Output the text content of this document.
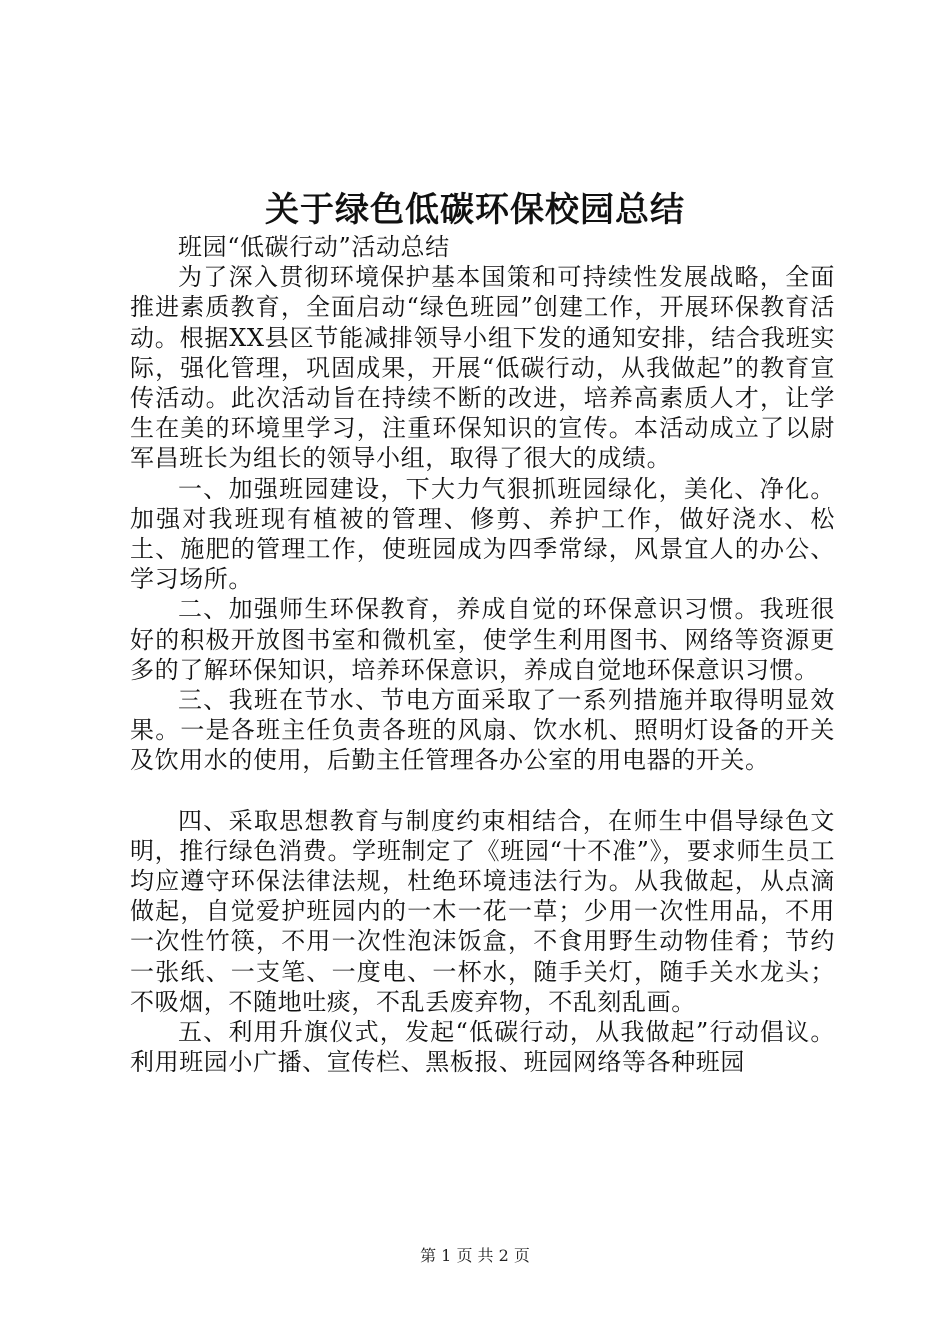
关于绿色低碳环保校园总结

班园“低碳行动”活动总结

为了深入贯彻环境保护基本国策和可持续性发展战略，全面推进素质教育，全面启动“绿色班园”创建工作，开展环保教育活动。根据XX县区节能减排领导小组下发的通知安排，结合我班实际，强化管理，巩固成果，开展“低碳行动，从我做起”的教育宣传活动。此次活动旨在持续不断的改进，培养高素质人才，让学生在美的环境里学习，注重环保知识的宣传。本活动成立了以尉军昌班长为组长的领导小组，取得了很大的成绩。

一、加强班园建设，下大力气狠抓班园绿化，美化、净化。加强对我班现有植被的管理、修剪、养护工作，做好浇水、松土、施肥的管理工作，使班园成为四季常绿，风景宜人的办公、学习场所。

二、加强师生环保教育，养成自觉的环保意识习惯。我班很好的积极开放图书室和微机室，使学生利用图书、网络等资源更多的了解环保知识，培养环保意识，养成自觉地环保意识习惯。

三、我班在节水、节电方面采取了一系列措施并取得明显效果。一是各班主任负责各班的风扇、饮水机、照明灯设备的开关及饮用水的使用，后勤主任管理各办公室的用电器的开关。

四、采取思想教育与制度约束相结合，在师生中倡导绿色文明，推行绿色消费。学班制定了《班园“十不准”》，要求师生员工均应遵守环保法律法规，杜绝环境违法行为。从我做起，从点滴做起，自觉爱护班园内的一木一花一草；少用一次性用品，不用一次性竹筷，不用一次性泡沫饭盒，不食用野生动物佳肴；节约一张纸、一支笔、一度电、一杯水，随手关灯，随手关水龙头；不吸烟，不随地吐痰，不乱丢废弃物，不乱刻乱画。

五、利用升旗仪式，发起“低碳行动，从我做起”行动倡议。利用班园小广播、宣传栏、黑板报、班园网络等各种班园

第 1 页 共 2 页
